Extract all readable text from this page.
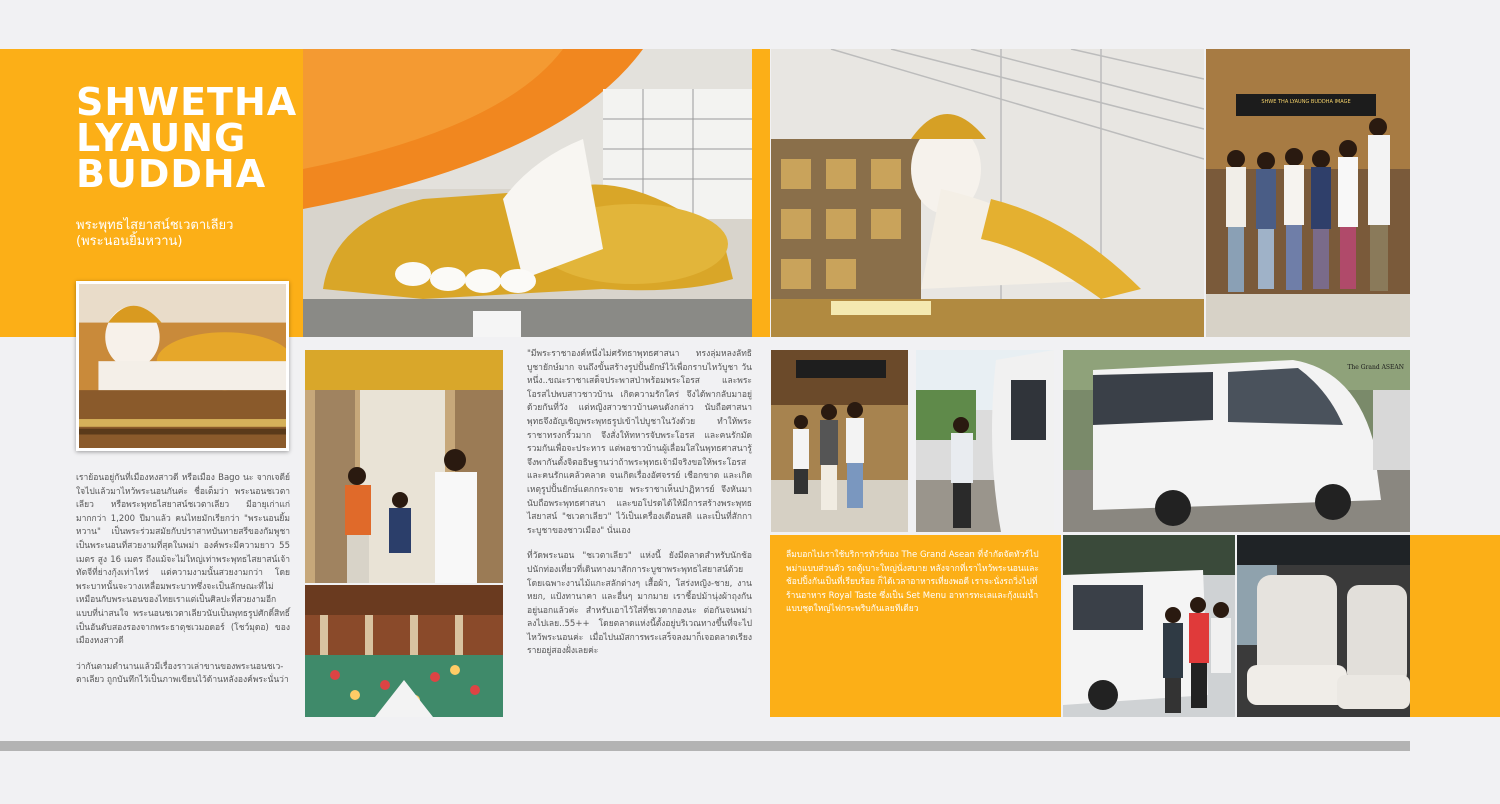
SHWETHA
LYAUNG
BUDDHA
พระพุทธไสยาสน์ชเวตาเลียว
(พระนอนยิ้มหวาน)
SHWE THA LYAUNG BUDDHA IMAGE

เราย้อนอยู่กันที่เมืองหงสาวดี หรือเมือง Bago นะ จากเจดีย์ใจไปแล้วมาไหว้พระนอนกันค่ะ ชื่อเต็มว่า พระนอนชเวตาเลียว หรือพระพุทธไสยาสน์ชเวตาเลียว มีอายุเก่าแก่มากกว่า 1,200 ปีมาแล้ว คนไทยมักเรียกว่า "พระนอนยิ้มหวาน" เป็นพระร่วมสมัยกับปราสาทบันทายสรีของกัมพูชา เป็นพระนอนที่สวยงามที่สุดในพม่า องค์พระมีความยาว 55 เมตร สูง 16 เมตร ถึงแม้จะไม่ใหญ่เท่าพระพุทธไสยาสน์เจ้าทัตจีที่ย่างกุ้งเท่าไหร่ แต่ความงามนั้นสวยงามกว่า โดยพระบาทนั้นจะวางเหลื่อมพระบาทซึ่งจะเป็นลักษณะที่ไม่เหมือนกับพระนอนของไทยเราแต่เป็นศิลปะที่สวยงามอีกแบบที่น่าสนใจ พระนอนชเวตาเลียวนับเป็นพุทธรูปศักดิ์สิทธิ์ เป็นอันดับสองรองจากพระธาตุชเวมอดอร์ (โชว์มุดอ) ของเมืองหงสาวดี

ว่ากันตามตำนานแล้วมีเรื่องราวเล่าขานของพระนอนชเว-ตาเลียว ถูกบันทึกไว้เป็นภาพเขียนไว้ด้านหลังองค์พระนั่นว่า

"มีพระราชาองค์หนึ่งไม่ศรัทธาพุทธศาสนา ทรงลุ่มหลงลัทธิบูชายักษ์มาก จนถึงขั้นสร้างรูปปั้นยักษ์ไว้เพื่อกราบไหว้บูชา วันหนึ่ง..ขณะราชาเสด็จประพาสป่าพร้อมพระโอรส และพระโอรสไปพบสาวชาวบ้าน เกิดความรักใคร่ จึงได้พากลับมาอยู่ด้วยกันที่วัง แต่หญิงสาวชาวบ้านคนดังกล่าว นับถือศาสนาพุทธจึงอัญเชิญพระพุทธรูปเข้าไปบูชาในวังด้วย ทำให้พระราชาทรงกริ้วมาก จึงสั่งให้ทหารจับพระโอรส และคนรักมัดรวมกันเพื่อจะประหาร แต่พอชาวบ้านผู้เลื่อมใสในพุทธศาสนารู้ จึงพากันตั้งจิตอธิษฐานว่าถ้าพระพุทธเจ้ามีจริงขอให้พระโอรสและคนรักแคล้วคลาด จนเกิดเรื่องอัศจรรย์ เชือกขาด และเกิดเหตุรูปปั้นยักษ์แตกกระจาย พระราชาเห็นปาฏิหารย์ จึงหันมานับถือพระพุทธศาสนา และขอโปรดได้ให้มีการสร้างพระพุทธไสยาสน์ "ชเวตาเลียว" ไว้เป็นเครื่องเตือนสติ และเป็นที่สักการะบูชาของชาวเมือง" นั่นเอง

ที่วัดพระนอน "ชเวตาเลียว" แห่งนี้ ยังมีตลาดสำหรับนักช้อปนักท่องเที่ยวที่เดินทางมาสักการะบูชาพระพุทธไสยาสน์ด้วย โดยเฉพาะงานไม้แกะสลักต่างๆ เสื้อผ้า, โสร่งหญิง-ชาย, งานหยก, แป้งทานาคา และอื่นๆ มากมาย เราชี้อปม้านุ่งผ้าถุงกันอยู่นอกแล้วค่ะ สำหรับเอาไว้ใส่ที่ชเวดากองนะ ต่อกันจนพม่าลงไปเลย..55++ โดยตลาดแห่งนี้ตั้งอยู่บริเวณทางขึ้นที่จะไปไหว้พระนอนค่ะ เมื่อไปนมัสการพระเสร็จลงมาก็เจอตลาดเรียงรายอยู่สองฝั่งเลยค่ะ

The Grand ASEAN
ลืมบอกไปเราใช้บริการทัวร์ของ The Grand Asean ที่จำกัดจัดทัวร์ไปพม่าแบบส่วนตัว รถตู้เบาะใหญ่นั่งสบาย หลังจากที่เราไหว้พระนอนและช้อปปิ้งกันเป็นที่เรียบร้อย ก็ได้เวลาอาหารเที่ยงพอดี เราจะนั่งรถวิ่งไปที่ร้านอาหาร Royal Taste ซึ่งเป็น Set Menu อาหารทะเลและกุ้งแม่น้ำแบบชุดใหญ่ไฟกระพริบกันเลยทีเดียว
